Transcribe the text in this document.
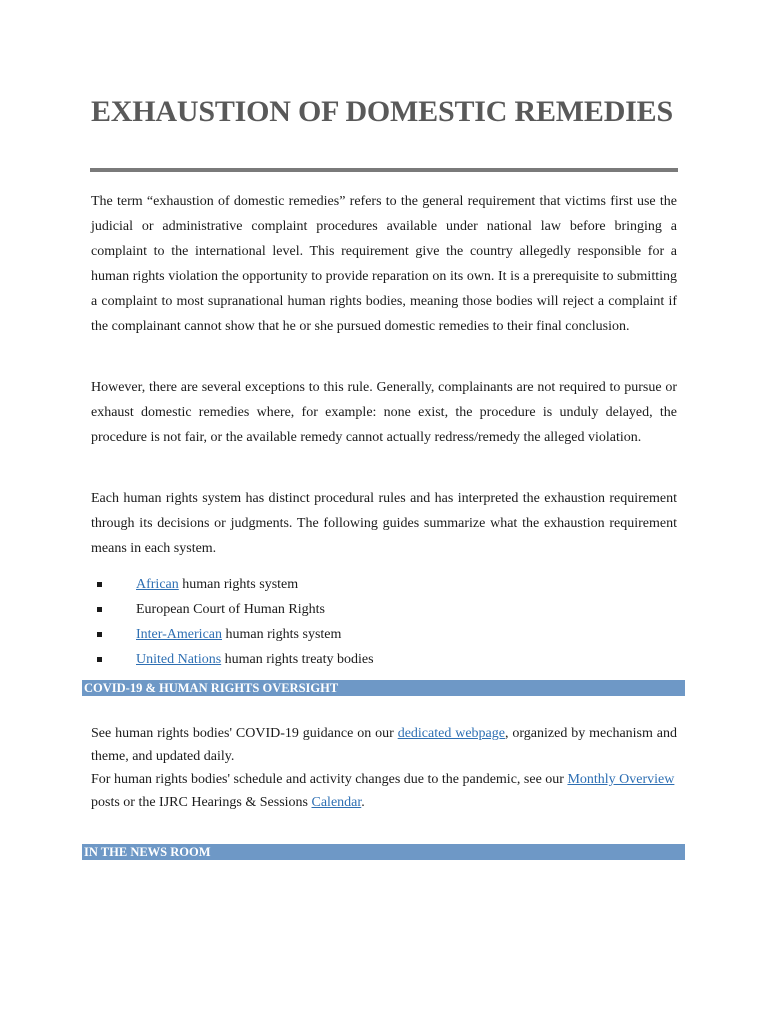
EXHAUSTION OF DOMESTIC REMEDIES

The term “exhaustion of domestic remedies” refers to the general requirement that victims first use the judicial or administrative complaint procedures available under national law before bringing a complaint to the international level. This requirement give the country allegedly responsible for a human rights violation the opportunity to provide reparation on its own. It is a prerequisite to submitting a complaint to most supranational human rights bodies, meaning those bodies will reject a complaint if the complainant cannot show that he or she pursued domestic remedies to their final conclusion.

However, there are several exceptions to this rule. Generally, complainants are not required to pursue or exhaust domestic remedies where, for example: none exist, the procedure is unduly delayed, the procedure is not fair, or the available remedy cannot actually redress/remedy the alleged violation.

Each human rights system has distinct procedural rules and has interpreted the exhaustion requirement through its decisions or judgments. The following guides summarize what the exhaustion requirement means in each system.

African human rights system
European Court of Human Rights
Inter-American human rights system
United Nations human rights treaty bodies
COVID-19 & HUMAN RIGHTS OVERSIGHT

See human rights bodies' COVID-19 guidance on our dedicated webpage, organized by mechanism and theme, and updated daily.

For human rights bodies' schedule and activity changes due to the pandemic, see our Monthly Overview posts or the IJRC Hearings & Sessions Calendar.

IN THE NEWS ROOM
